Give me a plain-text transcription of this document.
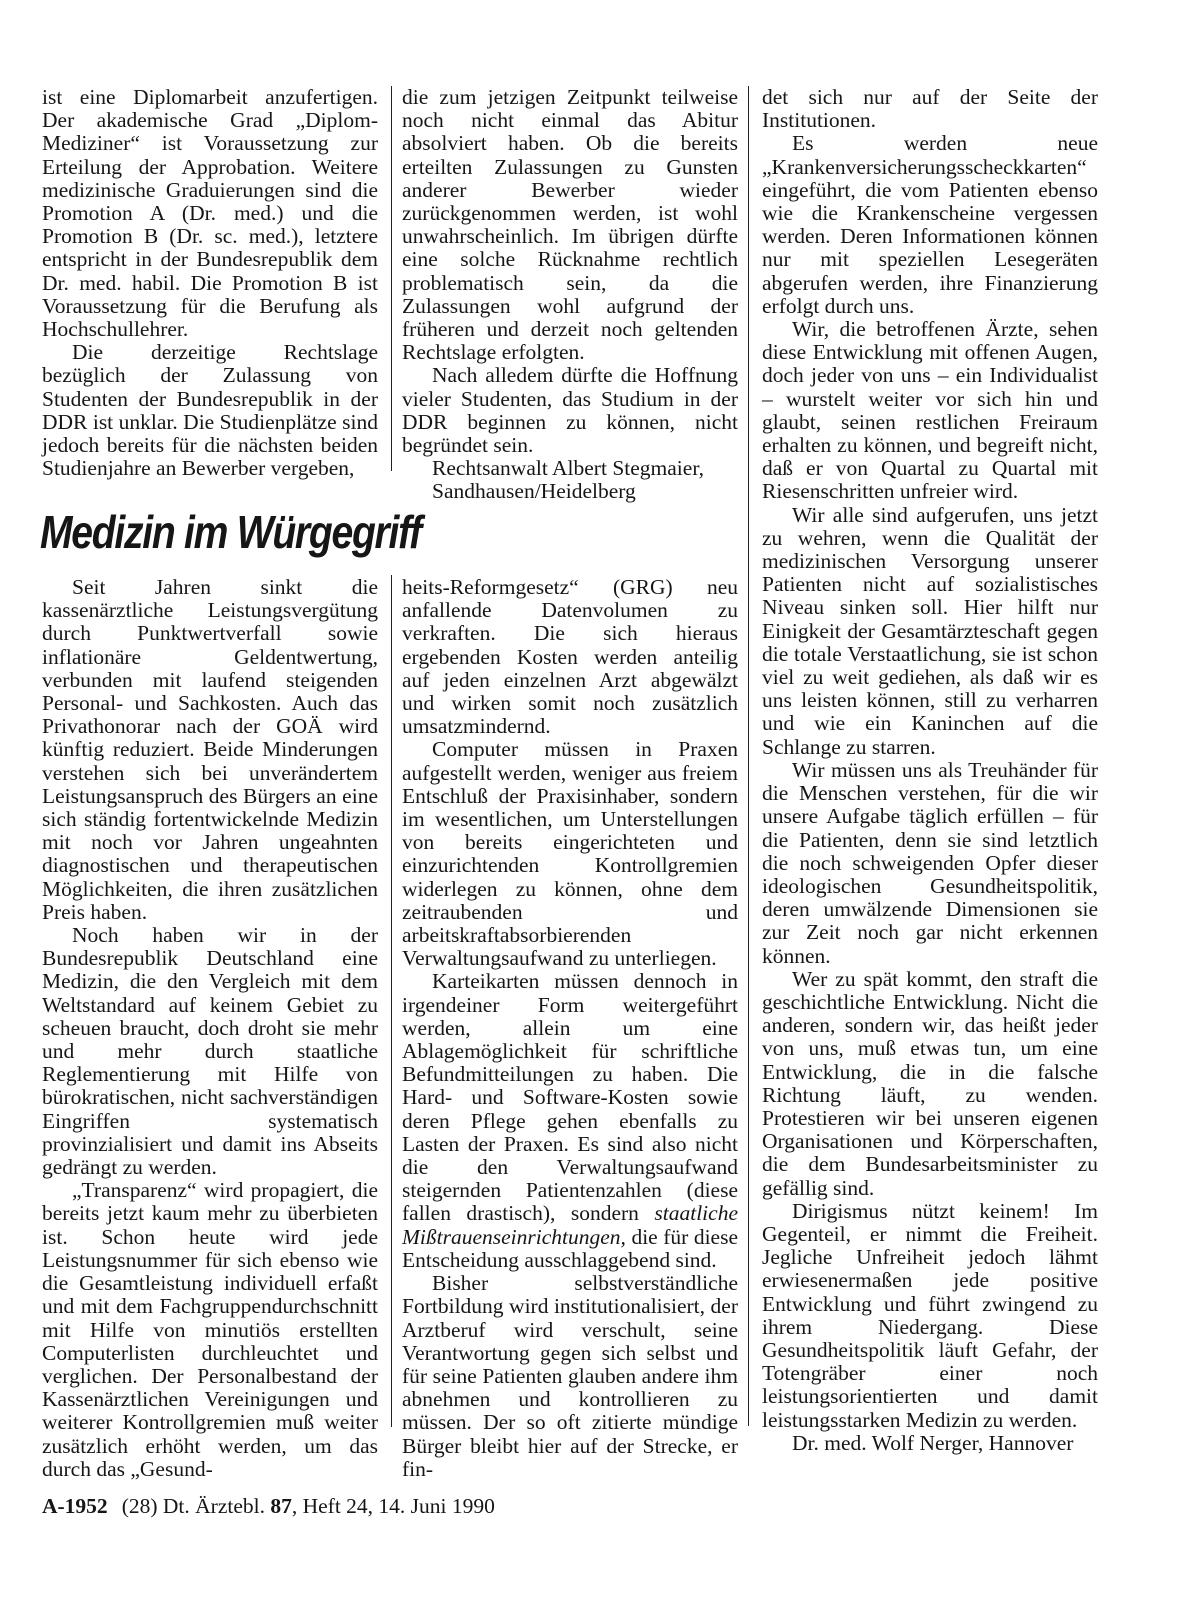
ist eine Diplomarbeit anzufertigen. Der akademische Grad „Diplom-Mediziner“ ist Voraussetzung zur Erteilung der Approbation. Weitere medizinische Graduierungen sind die Promotion A (Dr. med.) und die Promotion B (Dr. sc. med.), letztere entspricht in der Bundesrepublik dem Dr. med. habil. Die Promotion B ist Voraussetzung für die Berufung als Hochschullehrer.

Die derzeitige Rechtslage bezüglich der Zulassung von Studenten der Bundesrepublik in der DDR ist unklar. Die Studienplätze sind jedoch bereits für die nächsten beiden Studienjahre an Bewerber vergeben,

die zum jetzigen Zeitpunkt teilweise noch nicht einmal das Abitur absolviert haben. Ob die bereits erteilten Zulassungen zu Gunsten anderer Bewerber wieder zurückgenommen werden, ist wohl unwahrscheinlich. Im übrigen dürfte eine solche Rücknahme rechtlich problematisch sein, da die Zulassungen wohl aufgrund der früheren und derzeit noch geltenden Rechtslage erfolgten.

Nach alledem dürfte die Hoffnung vieler Studenten, das Studium in der DDR beginnen zu können, nicht begründet sein.

Rechtsanwalt Albert Stegmaier,

Sandhausen/Heidelberg

Medizin im Würgegriff

Seit Jahren sinkt die kassenärztliche Leistungsvergütung durch Punktwertverfall sowie inflationäre Geldentwertung, verbunden mit laufend steigenden Personal- und Sachkosten. Auch das Privathonorar nach der GOÄ wird künftig reduziert. Beide Minderungen verstehen sich bei unverändertem Leistungsanspruch des Bürgers an eine sich ständig fortentwickelnde Medizin mit noch vor Jahren ungeahnten diagnostischen und therapeutischen Möglichkeiten, die ihren zusätzlichen Preis haben.

Noch haben wir in der Bundesrepublik Deutschland eine Medizin, die den Vergleich mit dem Weltstandard auf keinem Gebiet zu scheuen braucht, doch droht sie mehr und mehr durch staatliche Reglementierung mit Hilfe von bürokratischen, nicht sachverständigen Eingriffen systematisch provinzialisiert und damit ins Abseits gedrängt zu werden.

„Transparenz“ wird propagiert, die bereits jetzt kaum mehr zu überbieten ist. Schon heute wird jede Leistungsnummer für sich ebenso wie die Gesamtleistung individuell erfaßt und mit dem Fachgruppendurchschnitt mit Hilfe von minutiös erstellten Computerlisten durchleuchtet und verglichen. Der Personalbestand der Kassenärztlichen Vereinigungen und weiterer Kontrollgremien muß weiter zusätzlich erhöht werden, um das durch das „Gesund-

heits-Reformgesetz“ (GRG) neu anfallende Datenvolumen zu verkraften. Die sich hieraus ergebenden Kosten werden anteilig auf jeden einzelnen Arzt abgewälzt und wirken somit noch zusätzlich umsatzmindernd.

Computer müssen in Praxen aufgestellt werden, weniger aus freiem Entschluß der Praxisinhaber, sondern im wesentlichen, um Unterstellungen von bereits eingerichteten und einzurichtenden Kontrollgremien widerlegen zu können, ohne dem zeitraubenden und arbeitskraftabsorbierenden Verwaltungsaufwand zu unterliegen.

Karteikarten müssen dennoch in irgendeiner Form weitergeführt werden, allein um eine Ablagemöglichkeit für schriftliche Befundmitteilungen zu haben. Die Hard- und Software-Kosten sowie deren Pflege gehen ebenfalls zu Lasten der Praxen. Es sind also nicht die den Verwaltungsaufwand steigernden Patientenzahlen (diese fallen drastisch), sondern staatliche Mißtrauenseinrichtungen, die für diese Entscheidung ausschlaggebend sind.

Bisher selbstverständliche Fortbildung wird institutionalisiert, der Arztberuf wird verschult, seine Verantwortung gegen sich selbst und für seine Patienten glauben andere ihm abnehmen und kontrollieren zu müssen. Der so oft zitierte mündige Bürger bleibt hier auf der Strecke, er fin-

det sich nur auf der Seite der Institutionen.

Es werden neue „Krankenversicherungsscheckkarten“ eingeführt, die vom Patienten ebenso wie die Krankenscheine vergessen werden. Deren Informationen können nur mit speziellen Lesegeräten abgerufen werden, ihre Finanzierung erfolgt durch uns.

Wir, die betroffenen Ärzte, sehen diese Entwicklung mit offenen Augen, doch jeder von uns – ein Individualist – wurstelt weiter vor sich hin und glaubt, seinen restlichen Freiraum erhalten zu können, und begreift nicht, daß er von Quartal zu Quartal mit Riesenschritten unfreier wird.

Wir alle sind aufgerufen, uns jetzt zu wehren, wenn die Qualität der medizinischen Versorgung unserer Patienten nicht auf sozialistisches Niveau sinken soll. Hier hilft nur Einigkeit der Gesamtärzteschaft gegen die totale Verstaatlichung, sie ist schon viel zu weit gediehen, als daß wir es uns leisten können, still zu verharren und wie ein Kaninchen auf die Schlange zu starren.

Wir müssen uns als Treuhänder für die Menschen verstehen, für die wir unsere Aufgabe täglich erfüllen – für die Patienten, denn sie sind letztlich die noch schweigenden Opfer dieser ideologischen Gesundheitspolitik, deren umwälzende Dimensionen sie zur Zeit noch gar nicht erkennen können.

Wer zu spät kommt, den straft die geschichtliche Entwicklung. Nicht die anderen, sondern wir, das heißt jeder von uns, muß etwas tun, um eine Entwicklung, die in die falsche Richtung läuft, zu wenden. Protestieren wir bei unseren eigenen Organisationen und Körperschaften, die dem Bundesarbeitsminister zu gefällig sind.

Dirigismus nützt keinem! Im Gegenteil, er nimmt die Freiheit. Jegliche Unfreiheit jedoch lähmt erwiesenermaßen jede positive Entwicklung und führt zwingend zu ihrem Niedergang. Diese Gesundheitspolitik läuft Gefahr, der Totengräber einer noch leistungsorientierten und damit leistungsstarken Medizin zu werden.

Dr. med. Wolf Nerger, Hannover

A-1952 (28) Dt. Ärztebl. 87, Heft 24, 14. Juni 1990
